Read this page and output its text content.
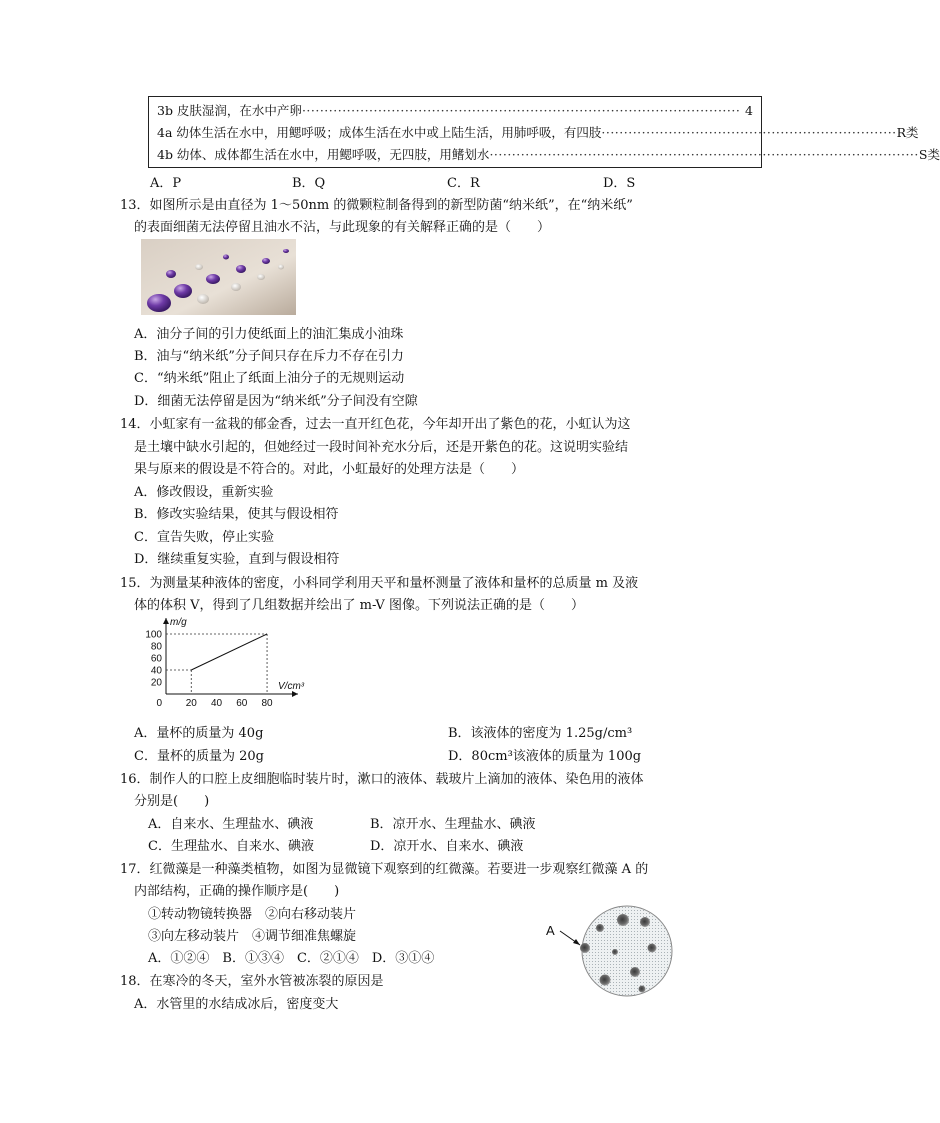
3b 皮肤湿润，在水中产卵 ·································································································· 4
4a 幼体生活在水中，用鳃呼吸；成体生活在水中或上陆生活，用肺呼吸，有四肢 ·································································· R类
4b 幼体、成体都生活在水中，用鳃呼吸，无四肢，用鳍划水 ································································································ S类
A．P	B．Q	C．R	D．S
13．如图所示是由直径为 1～50nm 的微颗粒制备得到的新型防菌“纳米纸”，在“纳米纸”
的表面细菌无法停留且油水不沾，与此现象的有关解释正确的是（　　）
A．油分子间的引力使纸面上的油汇集成小油珠
B．油与“纳米纸”分子间只存在斥力不存在引力
C．“纳米纸”阻止了纸面上油分子的无规则运动
D．细菌无法停留是因为“纳米纸”分子间没有空隙
14．小虹家有一盆栽的郁金香，过去一直开红色花，今年却开出了紫色的花，小虹认为这
是土壤中缺水引起的，但她经过一段时间补充水分后，还是开紫色的花。这说明实验结
果与原来的假设是不符合的。对此，小虹最好的处理方法是（　　）
A．修改假设，重新实验
B．修改实验结果，使其与假设相符
C．宣告失败，停止实验
D．继续重复实验，直到与假设相符
15．为测量某种液体的密度，小科同学利用天平和量杯测量了液体和量杯的总质量 m 及液
体的体积 V，得到了几组数据并绘出了 m-V 图像。下列说法正确的是（　　）
20
40
60
80
100
20 40 60 80
0
m/g
V/cm³
A．量杯的质量为 40g	B．该液体的密度为 1.25g/cm³
C．量杯的质量为 20g	D．80cm³该液体的质量为 100g
16．制作人的口腔上皮细胞临时装片时，漱口的液体、载玻片上滴加的液体、染色用的液体
分别是(　　)
A．自来水、生理盐水、碘液	B．凉开水、生理盐水、碘液
C．生理盐水、自来水、碘液	D．凉开水、自来水、碘液
17．红微藻是一种藻类植物，如图为显微镜下观察到的红微藻。若要进一步观察红微藻 A 的
内部结构，正确的操作顺序是(　　)
①转动物镜转换器　②向右移动装片
③向左移动装片　④调节细准焦螺旋
A．①②④　B．①③④　C．②①④　D．③①④
A
18．在寒冷的冬天，室外水管被冻裂的原因是
A．水管里的水结成冰后，密度变大
